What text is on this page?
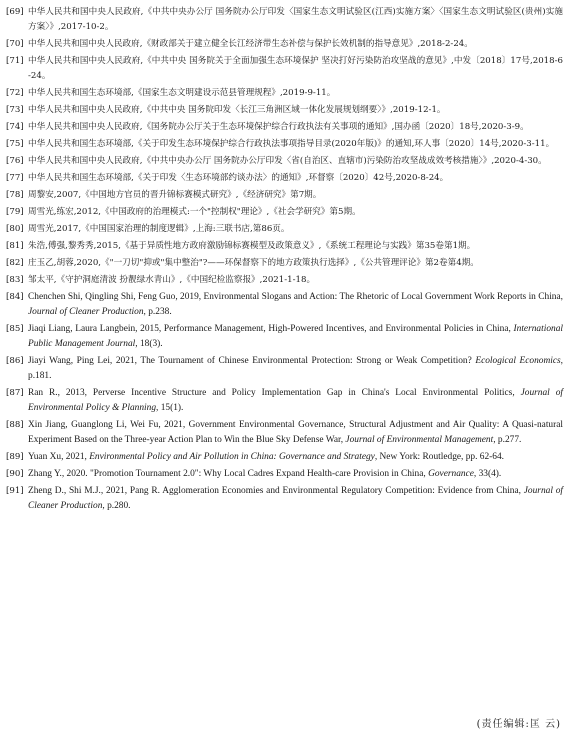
[69] 中华人民共和国中央人民政府,《中共中央办公厅 国务院办公厅印发〈国家生态文明试验区(江西)实施方案〉〈国家生态文明试验区(贵州)实施方案〉》,2017-10-2。
[70] 中华人民共和国中央人民政府,《财政部关于建立健全长江经济带生态补偿与保护长效机制的指导意见》,2018-2-24。
[71] 中华人民共和国中央人民政府,《中共中央 国务院关于全面加强生态环境保护 坚决打好污染防治攻坚战的意见》,中发〔2018〕17号,2018-6-24。
[72] 中华人民共和国生态环境部,《国家生态文明建设示范县管理规程》,2019-9-11。
[73] 中华人民共和国中央人民政府,《中共中央 国务院印发〈长江三角洲区域一体化发展规划纲要〉》,2019-12-1。
[74] 中华人民共和国中央人民政府,《国务院办公厅关于生态环境保护综合行政执法有关事项的通知》,国办函〔2020〕18号,2020-3-9。
[75] 中华人民共和国生态环境部,《关于印发生态环境保护综合行政执法事项指导目录(2020年版)》的通知,环人事〔2020〕14号,2020-3-11。
[76] 中华人民共和国中央人民政府,《中共中央办公厅 国务院办公厅印发〈省(自治区、直辖市)污染防治攻坚战成效考核措施〉》,2020-4-30。
[77] 中华人民共和国生态环境部,《关于印发〈生态环境部约谈办法〉的通知》,环督察〔2020〕42号,2020-8-24。
[78] 周黎安,2007,《中国地方官员的晋升锦标赛模式研究》,《经济研究》第7期。
[79] 周雪光,练宏,2012,《中国政府的治理模式:一个"控制权"理论》,《社会学研究》第5期。
[80] 周雪光,2017,《中国国家治理的制度逻辑》,上海:三联书店,第86页。
[81] 朱浩,傅强,黎秀秀,2015,《基于异质性地方政府激励锦标赛模型及政策意义》,《系统工程理论与实践》第35卷第1期。
[82] 庄玉乙,胡蓉,2020,《"一刀切"抑或"集中整治"?——环保督察下的地方政策执行选择》,《公共管理评论》第2卷第4期。
[83] 邹太平,《守护洞庭清波 扮靓绿水青山》,《中国纪检监察报》,2021-1-18。
[84] Chenchen Shi, Qingling Shi, Feng Guo, 2019, Environmental Slogans and Action: The Rhetoric of Local Government Work Reports in China, Journal of Cleaner Production, p.238.
[85] Jiaqi Liang, Laura Langbein, 2015, Performance Management, High-Powered Incentives, and Environmental Policies in China, International Public Management Journal, 18(3).
[86] Jiayi Wang, Ping Lei, 2021, The Tournament of Chinese Environmental Protection: Strong or Weak Competition? Ecological Economics, p.181.
[87] Ran R., 2013, Perverse Incentive Structure and Policy Implementation Gap in China's Local Environmental Politics, Journal of Environmental Policy & Planning, 15(1).
[88] Xin Jiang, Guanglong Li, Wei Fu, 2021, Government Environmental Governance, Structural Adjustment and Air Quality: A Quasi-natural Experiment Based on the Three-year Action Plan to Win the Blue Sky Defense War, Journal of Environmental Management, p.277.
[89] Yuan Xu, 2021, Environmental Policy and Air Pollution in China: Governance and Strategy, New York: Routledge, pp. 62-64.
[90] Zhang Y., 2020. "Promotion Tournament 2.0": Why Local Cadres Expand Health-care Provision in China, Governance, 33(4).
[91] Zheng D., Shi M.J., 2021, Pang R. Agglomeration Economies and Environmental Regulatory Competition: Evidence from China, Journal of Cleaner Production, p.280.
(责任编辑:匡 云)
